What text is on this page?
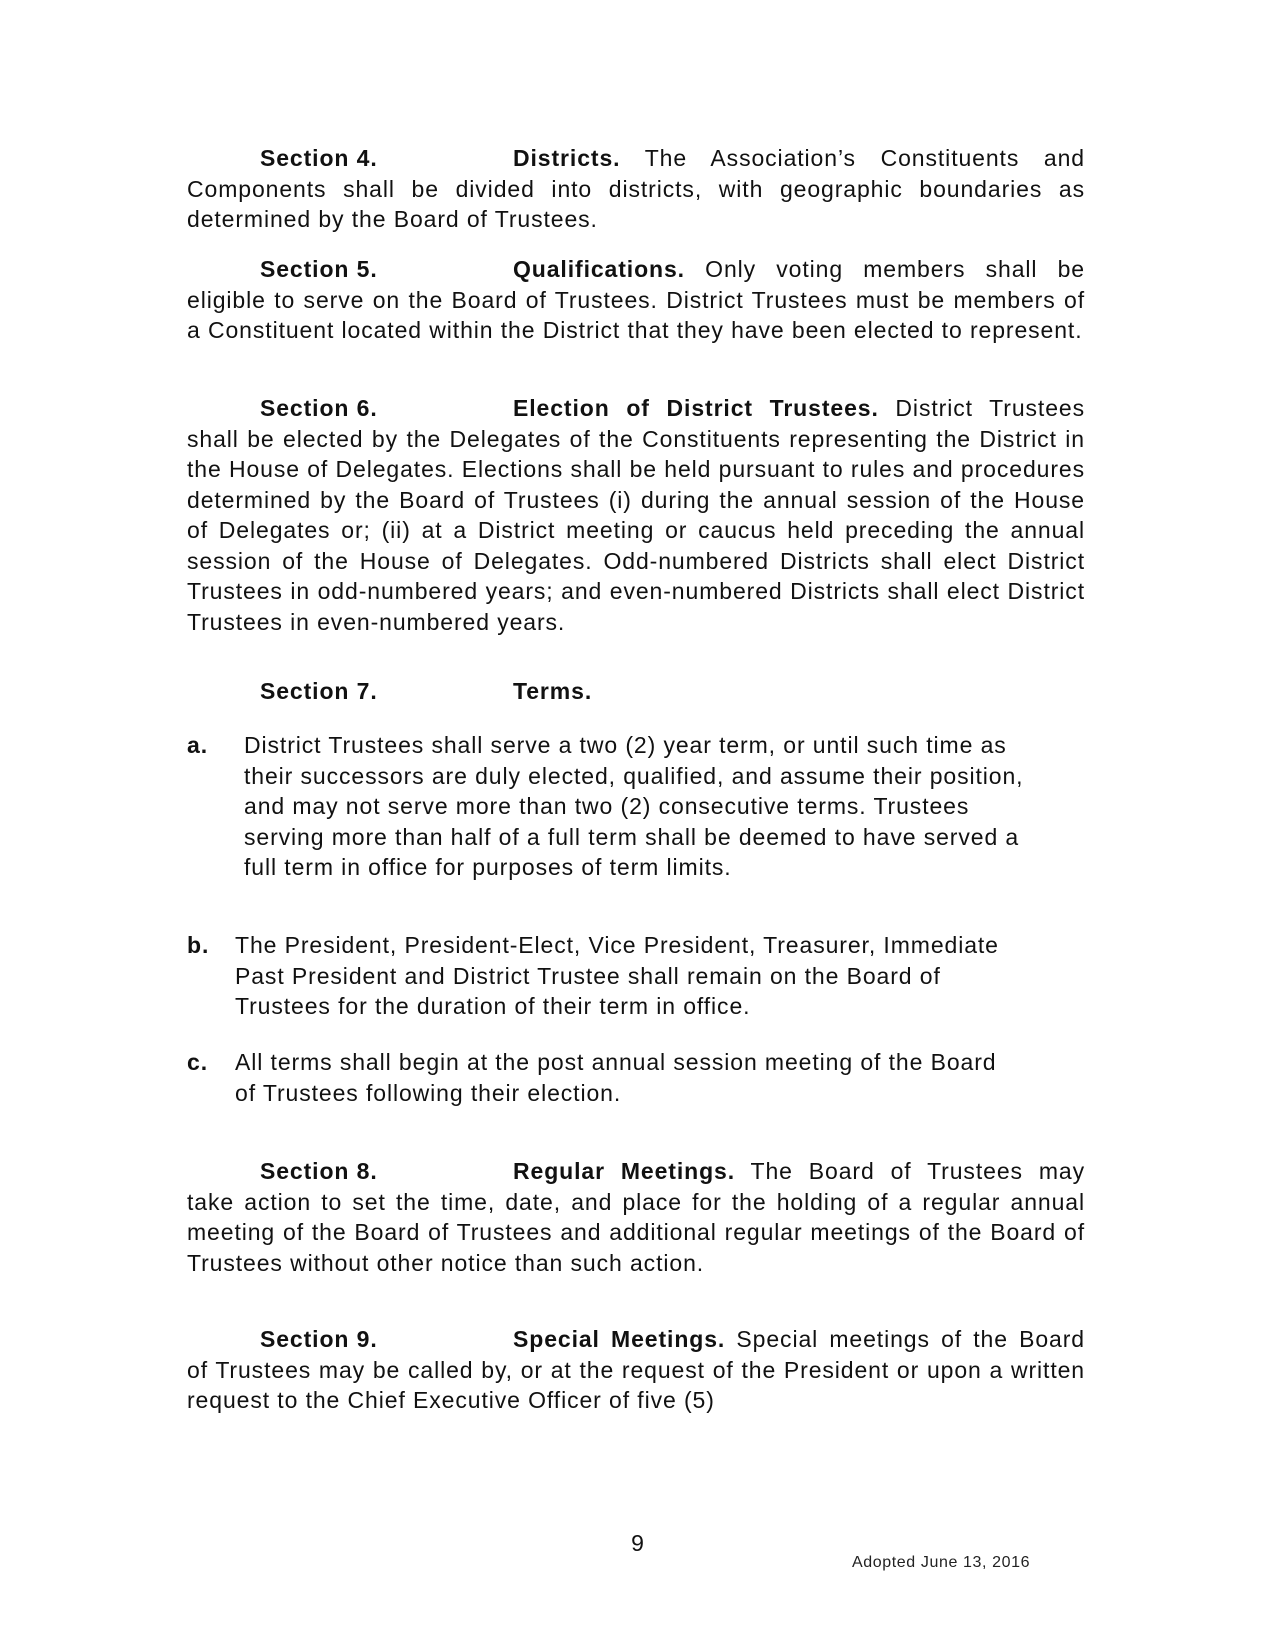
Section 4.	Districts. The Association’s Constituents and Components shall be divided into districts, with geographic boundaries as determined by the Board of Trustees.

Section 5.	Qualifications. Only voting members shall be eligible to serve on the Board of Trustees. District Trustees must be members of a Constituent located within the District that they have been elected to represent.

Section 6.	Election of District Trustees. District Trustees shall be elected by the Delegates of the Constituents representing the District in the House of Delegates. Elections shall be held pursuant to rules and procedures determined by the Board of Trustees (i) during the annual session of the House of Delegates or; (ii) at a District meeting or caucus held preceding the annual session of the House of Delegates. Odd-numbered Districts shall elect District Trustees in odd-numbered years; and even-numbered Districts shall elect District Trustees in even-numbered years.

Section 7.	Terms.

a. District Trustees shall serve a two (2) year term, or until such time as their successors are duly elected, qualified, and assume their position, and may not serve more than two (2) consecutive terms. Trustees serving more than half of a full term shall be deemed to have served a full term in office for purposes of term limits.
b. The President, President-Elect, Vice President, Treasurer, Immediate Past President and District Trustee shall remain on the Board of Trustees for the duration of their term in office.
c. All terms shall begin at the post annual session meeting of the Board of Trustees following their election.

Section 8.	Regular Meetings. The Board of Trustees may take action to set the time, date, and place for the holding of a regular annual meeting of the Board of Trustees and additional regular meetings of the Board of Trustees without other notice than such action.

Section 9.	Special Meetings. Special meetings of the Board of Trustees may be called by, or at the request of the President or upon a written request to the Chief Executive Officer of five (5)

9
Adopted June 13, 2016
